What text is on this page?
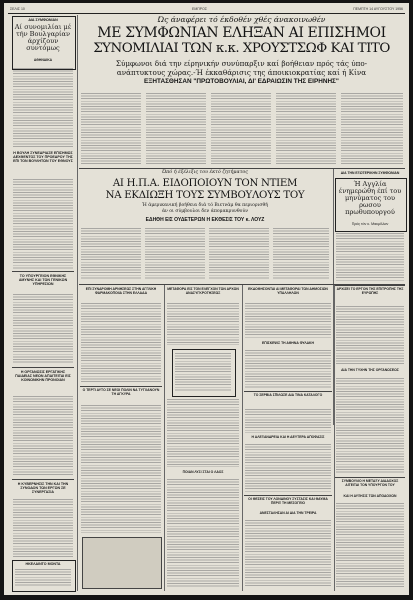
ΣΕΛΙΣ 10	ΕΜΠΡΟΣ	ΠΕΜΠΤΗ 14 ΑΥΓΟΥΣΤΟΥ 1956
ΔΙΑ ΣΥΜΦΩΝΙΑΝ
Αί συνομιλίαι μέ τήν Βουλγαρίαν άρχίζουν συντόμως
ΑΘΗΝΑΙΚΑ
Η ΒΟΥΛΗ ΣΥΝΕΔΡΙΑΣΕ ΕΠΙΣΗΜΩΣ ΔΕΧΘΕΝΤΟΣ ΤΟΥ ΠΡΟΕΔΡΟΥ ΤΗΣ ΕΠΙ ΤΟΝ ΒΟΥΛΗΤΩΝ ΤΟΥ ΕΘΝΟΥΣ
ΤΟ ΥΠΟΥΡΓΕΙΟΝ ΕΘΝΙΚΗΣ ΑΜΥΝΗΣ ΚΑΙ ΤΩΝ ΓΕΝΙΚΩΝ ΥΠΗΡΕΣΙΩΝ
Η ΟΡΓΑΝΩΣΙΣ ΕΡΓΑΤΙΚΗΣ ΠΑΙΔΕΙΑΣ ΝΕΩΝ ΑΠΑΙΤΕΙΤΑΙ ΕΙΣ ΚΟΙΝΩΝΙΚΗΝ ΠΡΟΝΟΙΑΝ
Η ΚΥΒΕΡΝΗΣΙΣ ΤΗΝ ΚΑΙ ΤΗΝ ΣΥΝΟΔΟΝ ΤΩΝ ΕΡΓΩΝ ΣΕ ΣΥΝΕΡΓΑΣΙΑ
ΗΚΕΛΑΙΝΤΟ ΜΟΝΤΑ
Ώς άναφέρει τό έκδοθέν χθές άνακοινωθέν
ΜΕ ΣΥΜΦΩΝΙΑΝ ΕΛΗΞΑΝ ΑΙ ΕΠΙΣΗΜΟΙ
ΣΥΝΟΜΙΛΙΑΙ ΤΩΝ κ.κ. ΧΡΟΥΣΤΣΩΦ ΚΑΙ ΤΙΤΟ
Σύμφωνοι διά την είρηνικήν συνύπαρξιν καί βοήθειαν πρός τάς ύπο-
ανάπτυκτους χώρας.-Ή έκκαθάρισις της άποικιοκρατίας καί ή Κίνα
ΕΞΗΤΑΣΘΗΣΑΝ "ΠΡΩΤΟΒΟΥΛΙΑΙ, ΔΙ' ΕΔΡΑΙΩΣΙΝ ΤΗΣ ΕΙΡΗΝΗΣ"
Ώπό ή έξέλιξις του έκτό ζητήματος
ΑΙ Η.Π.Α. ΕΙΔΟΠΟΙΟΥΝ ΤΟΝ ΝΤΙΕΜ
ΝΑ ΕΚΔΙΩΞΗ ΤΟΥΣ ΣΥΜΒΟΥΛΟΥΣ ΤΟΥ
Ή άμερικανική βοήθεια διά τό Βιετνάμ θα περιορισθή
άν οι σύμβουλοι δεν άπομακρυνθούν
ΕΔΗΘΗ ΕΙΣ ΟΥΔΕΤΕΡΩΝ Η ΕΚΘΕΣΙΣ ΤΟΥ κ. ΛΟΥΖ
ΔΙΑ ΤΗΝ ΕΞΩΤΕΡΙΚΗΝ ΣΥΜΦΩΝΙΑΝ
Ή Αγγλία ένημερώθη έπί του μηνύματος του ρωσου πρωθυπουργού
Πρός τόν κ. Μακμίλλαν
ΕΠΙ ΣΥΝΔΡΟΜΗ ΑΡΝΗΣΕΩΣ ΣΤΗΝ ΑΓΓΛΙΚΗ ΦΑΡΜΑΚΟΠΟΙΙΑ ΣΤΗΝ ΕΛΛΑΔΑ
Ο ΤΕΡΤΙ ΑΥΤΟ ΣΕ ΝΕΟΙ ΠΟΛΙΝ ΝΑ ΤΥΓΧΑΝΟΥΝ ΤΗ ΑΓΚΥΡΑ
ΜΕΤΑΦΟΡΑ ΕΙΣ ΤΟΝ ΕΛΕΓΧΟΝ ΤΩΝ ΑΡΧΩΝ ΑΝΑΣΥΓΚΡΟΤΗΣΕΩΣ
ΠΟΙΑΝ ΛΥΣΙ ΣΤΑΙ Ο ΛΑΟΣ
ΕΚΔΟΘΗΣΟΝΤΑΙ ΑΙ ΜΕΤΑΦΟΡΑΙ ΤΩΝ ΔΗΜΟΣΙΩΝ ΥΠΑΛΛΗΛΩΝ
ΕΠΙΣΚΕΨΙΣ ΤΗ ΑΘΗΝΑ ΦΥΛΑΚΗ
ΤΟ ΣΕΡΒΙΑ ΣΠΙΛΩΣΕ ΔΙΑ ΤΙΝΑ ΚΑΤΑΛΟΓΟ
Η ΑΛΕΞΑΝΔΡΕΙΑ ΚΑΙ Η ΔΕΥΤΕΡΑ ΑΠΟΦΑΣΙΣ
ΟΙ ΘΕΣΕΙΣ ΤΟΥ ΛΟΝΔΙΝΟΥ ΣΥΣΤΑΣΙΣ ΚΑΙ ΘΑΥΜΑ ΠΕΡΙΞ ΤΗ ΜΕΣΟΓΕΙΟ
ΑΝΕΣΤΑΛΗΣΑΝ ΑΙ ΔΙΑ ΤΗΝ ΤΡΕΙΡΑ
ΑΡΧΙΖΕΙ ΤΟ ΕΡΓΟΝ ΤΗΣ ΕΠΙΤΡΟΠΗΣ ΤΗΣ ΕΥΡΩΠΗΣ
ΔΙΑ ΤΗΝ ΤΥΧΗΝ ΤΗΣ ΟΡΓΑΝΩΣΕΩΣ
ΣΥΜΒΟΥΛΙΟ Η ΜΕΤΑΞΥ ΔΙΑΔΟΧΟΣ ΑΙΤΕΙΤΑΙ ΤΟΝ ΥΠΟΥΡΓΟΝ ΤΟΥ
ΚΑΙ Η ΑΥΞΗΣΙΣ ΤΩΝ ΑΠΟΔΟΧΩΝ
